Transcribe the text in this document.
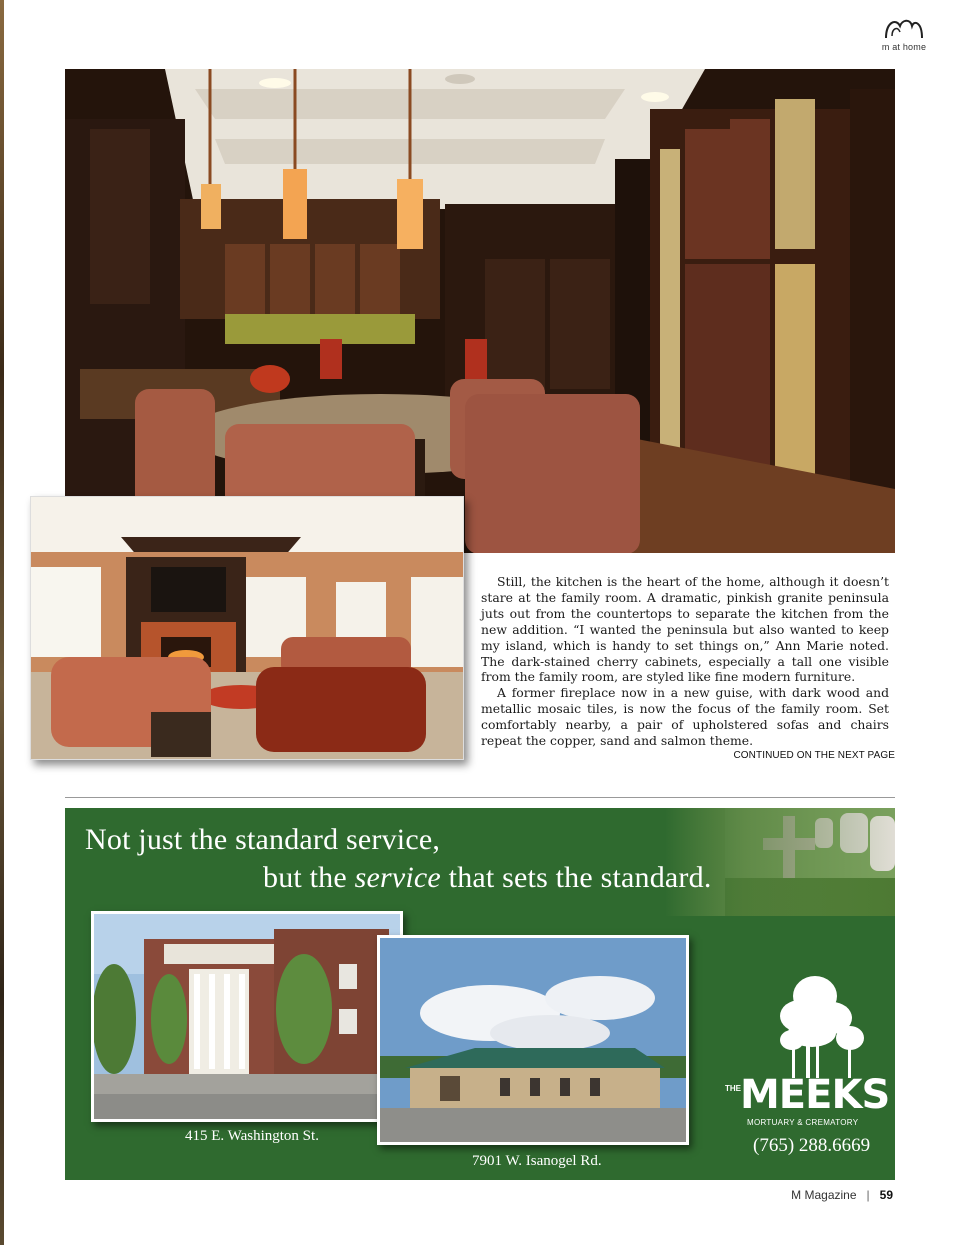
m at home

Still, the kitchen is the heart of the home, although it doesn’t stare at the family room. A dramatic, pinkish granite peninsula juts out from the countertops to separate the kitchen from the new addition. “I wanted the peninsula but also wanted to keep my island, which is handy to set things on,” Ann Marie noted. The dark-stained cherry cabinets, especially a tall one visible from the family room, are styled like fine modern furniture.

A former fireplace now in a new guise, with dark wood and metallic mosaic tiles, is now the focus of the family room. Set comfortably nearby, a pair of upholstered sofas and chairs repeat the copper, sand and salmon theme.

CONTINUED ON THE NEXT PAGE
Not just the standard service,
but the service that sets the standard.
415 E. Washington St.
7901 W. Isanogel Rd.
THE MEEKS
MORTUARY & CREMATORY
(765) 288.6669
M Magazine | 59
